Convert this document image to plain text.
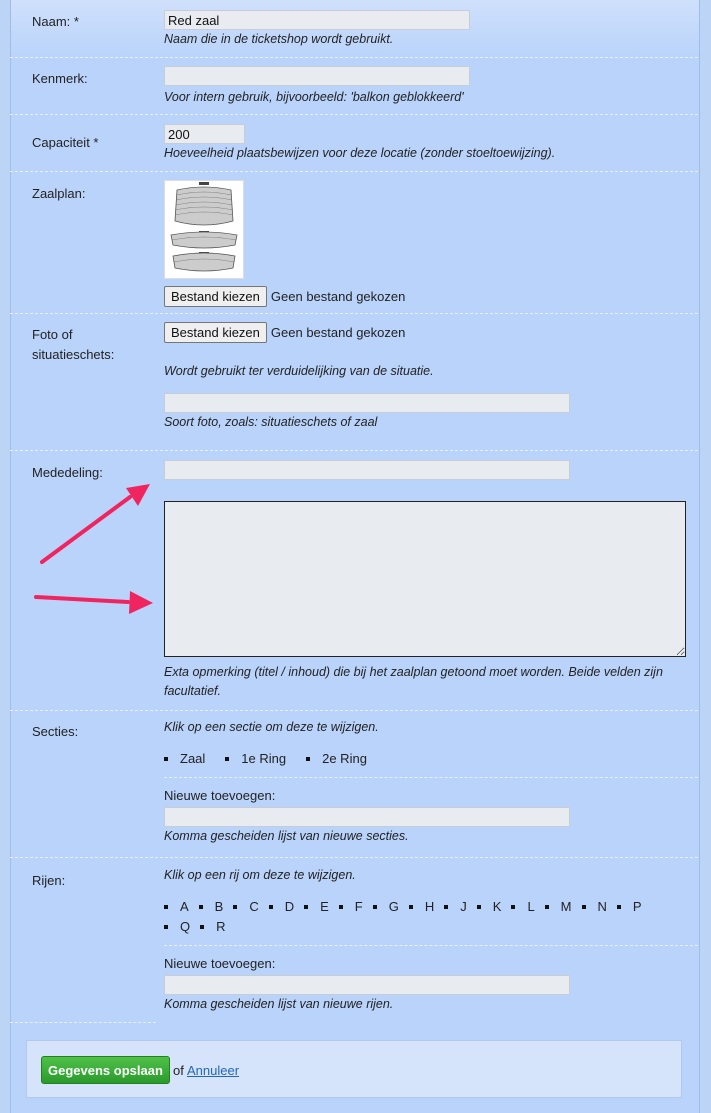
Naam: *
Red zaal
Naam die in de ticketshop wordt gebruikt.
Kenmerk:
Voor intern gebruik, bijvoorbeeld: 'balkon geblokkeerd'
Capaciteit *
200
Hoeveelheid plaatsbewijzen voor deze locatie (zonder stoeltoewijzing).
Zaalplan:
Bestand kiezen Geen bestand gekozen
Foto of situatieschets:
Bestand kiezen Geen bestand gekozen
Wordt gebruikt ter verduidelijking van de situatie.
Soort foto, zoals: situatieschets of zaal
Mededeling:
Exta opmerking (titel / inhoud) die bij het zaalplan getoond moet worden. Beide velden zijn facultatief.
Secties:	Klik op een sectie om deze te wijzigen.
Zaal	1e Ring	2e Ring
Nieuwe toevoegen:
Komma gescheiden lijst van nieuwe secties.
Rijen:	Klik op een rij om deze te wijzigen.
A B C D E F G H J K L M N PQ R
Nieuwe toevoegen:
Komma gescheiden lijst van nieuwe rijen.
Gegevens opslaan of Annuleer
